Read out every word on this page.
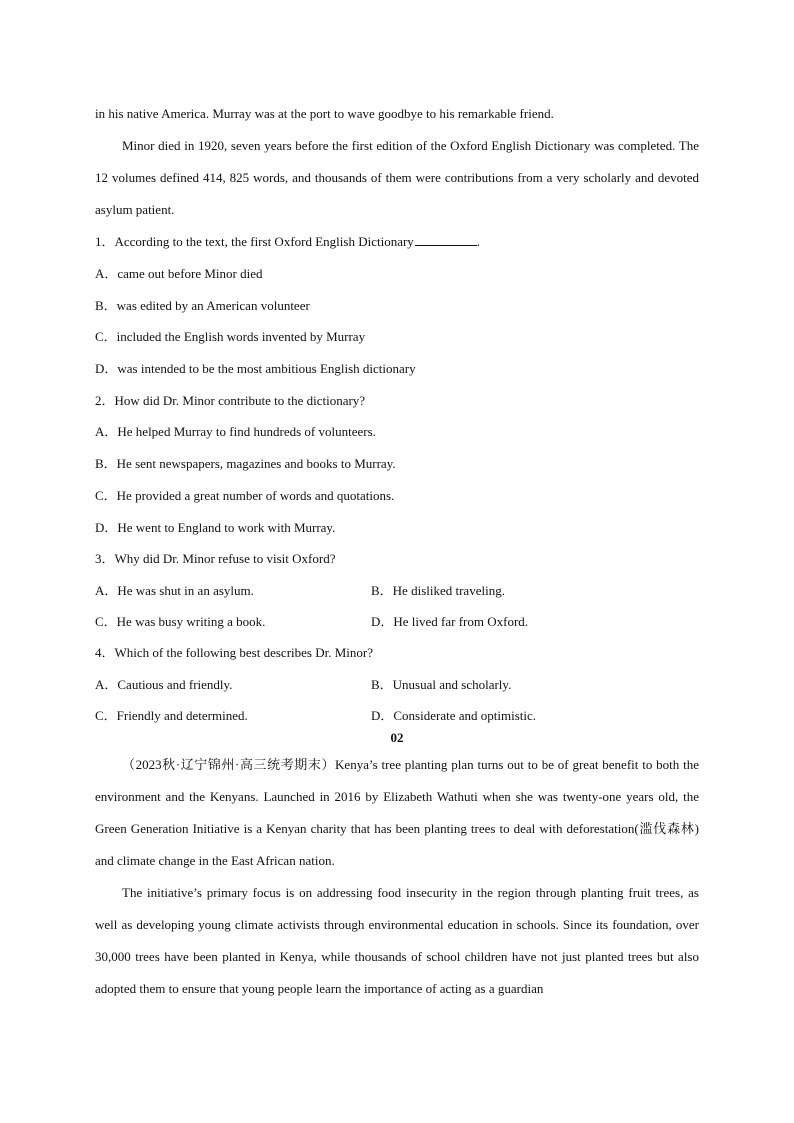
in his native America. Murray was at the port to wave goodbye to his remarkable friend.

Minor died in 1920, seven years before the first edition of the Oxford English Dictionary was completed. The 12 volumes defined 414, 825 words, and thousands of them were contributions from a very scholarly and devoted asylum patient.

1．According to the text, the first Oxford English Dictionary	.
A．came out before Minor died
B．was edited by an American volunteer
C．included the English words invented by Murray
D．was intended to be the most ambitious English dictionary
2．How did Dr. Minor contribute to the dictionary?
A．He helped Murray to find hundreds of volunteers.
B．He sent newspapers, magazines and books to Murray.
C．He provided a great number of words and quotations.
D．He went to England to work with Murray.
3．Why did Dr. Minor refuse to visit Oxford?
A．He was shut in an asylum.	B．He disliked traveling.
C．He was busy writing a book.	D．He lived far from Oxford.
4．Which of the following best describes Dr. Minor?
A．Cautious and friendly.	B．Unusual and scholarly.
C．Friendly and determined.	D．Considerate and optimistic.
02

（2023秋·辽宁锦州·高三统考期末）Kenya’s tree planting plan turns out to be of great benefit to both the environment and the Kenyans. Launched in 2016 by Elizabeth Wathuti when she was twenty-one years old, the Green Generation Initiative is a Kenyan charity that has been planting trees to deal with deforestation(滥伐森林) and climate change in the East African nation.

The initiative’s primary focus is on addressing food insecurity in the region through planting fruit trees, as well as developing young climate activists through environmental education in schools. Since its foundation, over 30,000 trees have been planted in Kenya, while thousands of school children have not just planted trees but also adopted them to ensure that young people learn the importance of acting as a guardian
